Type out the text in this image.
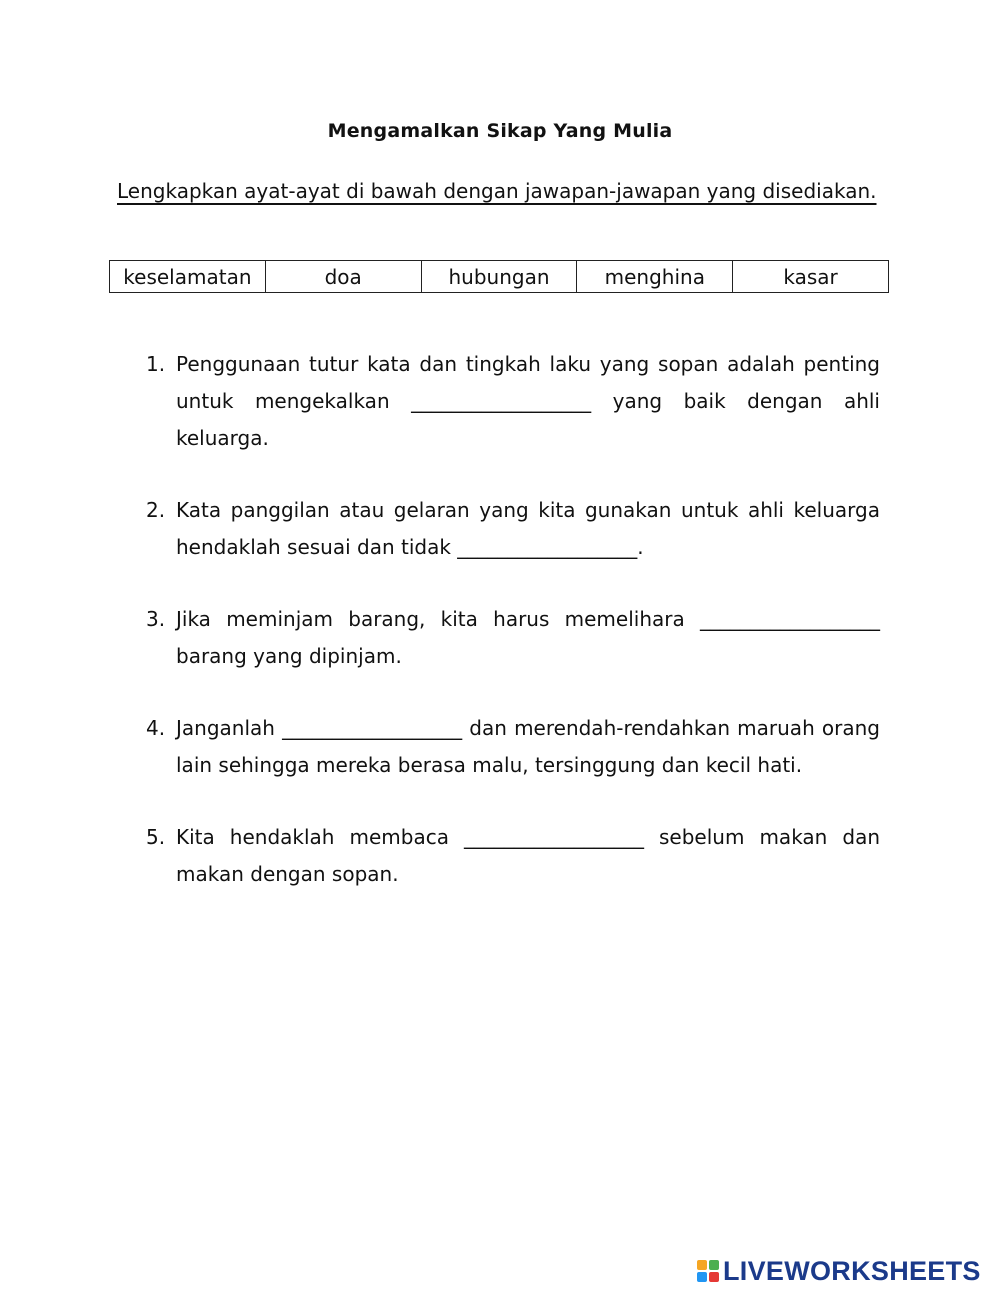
Mengamalkan Sikap Yang Mulia
Lengkapkan ayat-ayat di bawah dengan jawapan-jawapan yang disediakan.
keselamatan	doa	hubungan	menghina	kasar
1. Penggunaan tutur kata dan tingkah laku yang sopan adalah penting untuk mengekalkan __________________ yang baik dengan ahli keluarga.
2. Kata panggilan atau gelaran yang kita gunakan untuk ahli keluarga hendaklah sesuai dan tidak __________________.
3. Jika meminjam barang, kita harus memelihara __________________ barang yang dipinjam.
4. Janganlah __________________ dan merendah-rendahkan maruah orang lain sehingga mereka berasa malu, tersinggung dan kecil hati.
5. Kita hendaklah membaca __________________ sebelum makan dan makan dengan sopan.
LIVEWORKSHEETS
